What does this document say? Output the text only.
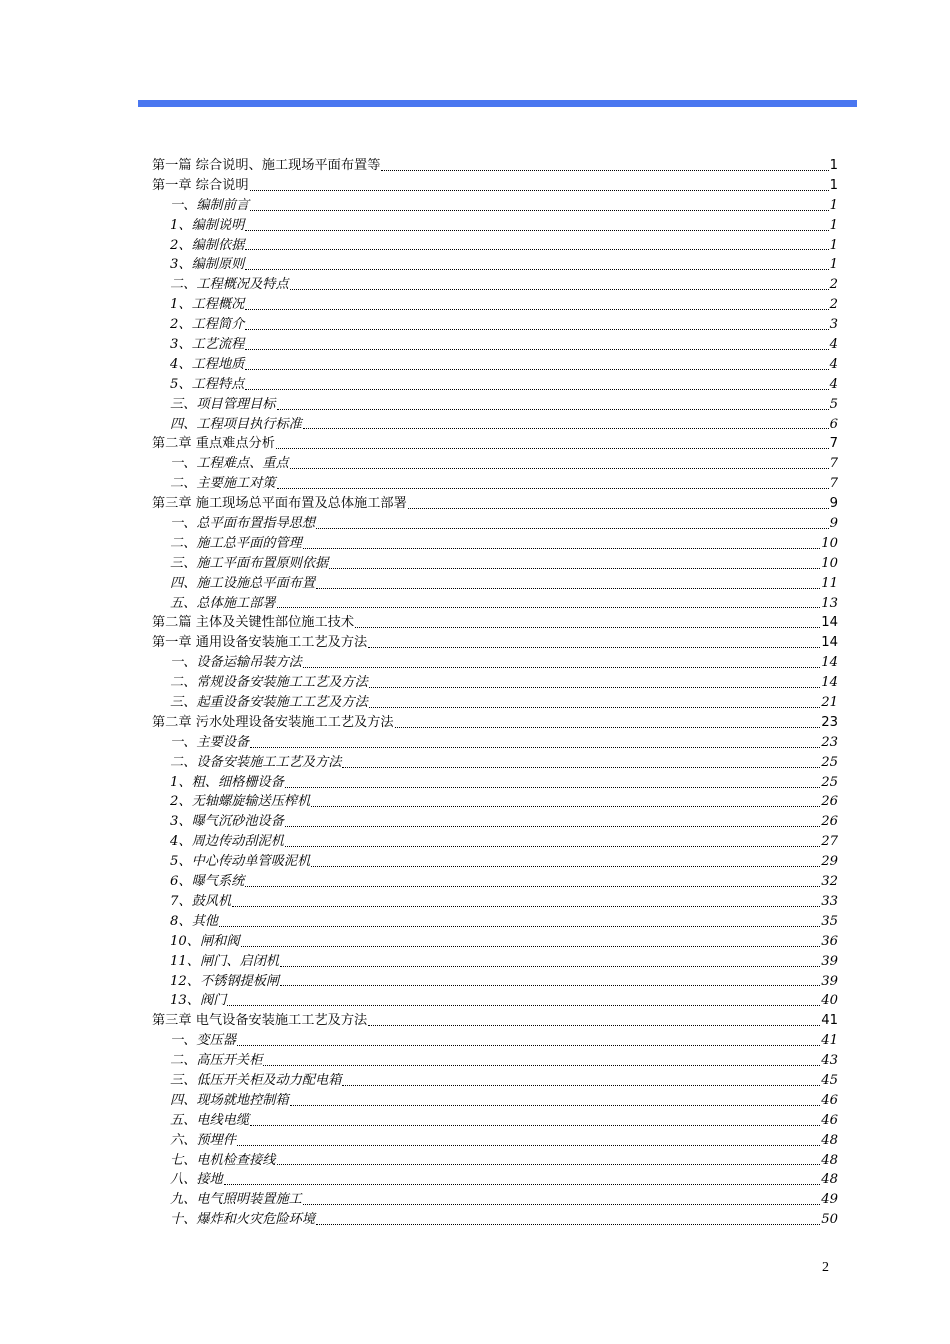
第一篇 综合说明、施工现场平面布置等	1
第一章 综合说明	1
一、编制前言	1
1、编制说明	1
2、编制依据	1
3、编制原则	1
二、工程概况及特点	2
1、工程概况	2
2、工程简介	3
3、工艺流程	4
4、工程地质	4
5、工程特点	4
三、项目管理目标	5
四、工程项目执行标准	6
第二章 重点难点分析	7
一、工程难点、重点	7
二、主要施工对策	7
第三章 施工现场总平面布置及总体施工部署	9
一、总平面布置指导思想	9
二、施工总平面的管理	10
三、施工平面布置原则依据	10
四、施工设施总平面布置	11
五、总体施工部署	13
第二篇 主体及关键性部位施工技术	14
第一章 通用设备安装施工工艺及方法	14
一、设备运输吊装方法	14
二、常规设备安装施工工艺及方法	14
三、起重设备安装施工工艺及方法	21
第二章 污水处理设备安装施工工艺及方法	23
一、主要设备	23
二、设备安装施工工艺及方法	25
1、粗、细格栅设备	25
2、无轴螺旋输送压榨机	26
3、曝气沉砂池设备	26
4、周边传动刮泥机	27
5、中心传动单管吸泥机	29
6、曝气系统	32
7、鼓风机	33
8、其他	35
10、闸和阀	36
11、闸门、启闭机	39
12、不锈钢提板闸	39
13、阀门	40
第三章 电气设备安装施工工艺及方法	41
一、变压器	41
二、高压开关柜	43
三、低压开关柜及动力配电箱	45
四、现场就地控制箱	46
五、电线电缆	46
六、预埋件	48
七、电机检查接线	48
八、接地	48
九、电气照明装置施工	49
十、爆炸和火灾危险环境	50
2
